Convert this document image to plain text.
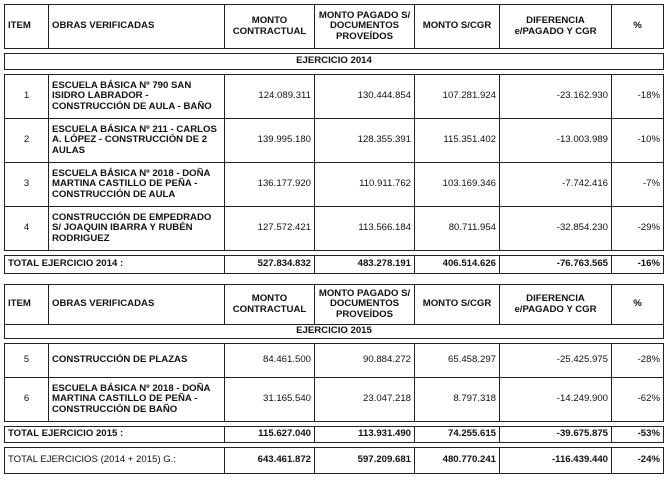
ITEM	OBRAS VERIFICADAS	MONTO CONTRACTUAL	MONTO PAGADO S/ DOCUMENTOS PROVEÍDOS	MONTO S/CGR	DIFERENCIA e/PAGADO Y CGR	%

EJERCICIO 2014						

1	ESCUELA BÁSICA Nº 790 SAN ISIDRO LABRADOR - CONSTRUCCIÓN DE AULA - BAÑO	124.089.311	130.444.854	107.281.924	-23.162.930	-18%
2	ESCUELA BÁSICA Nº 211 - CARLOS A. LÓPEZ - CONSTRUCCIÓN DE 2 AULAS	139.995.180	128.355.391	115.351.402	-13.003.989	-10%
3	ESCUELA BÁSICA Nº 2018 - DOÑA MARTINA CASTILLO DE PEÑA - CONSTRUCCIÓN DE AULA	136.177.920	110.911.762	103.169.346	-7.742.416	-7%
4	CONSTRUCCIÓN DE EMPEDRADO S/ JOAQUIN IBARRA Y RUBÉN RODRIGUEZ	127.572.421	113.566.184	80.711.954	-32.854.230	-29%

TOTAL EJERCICIO 2014 :		527.834.832	483.278.191	406.514.626	-76.763.565	-16%
ITEM	OBRAS VERIFICADAS	MONTO CONTRACTUAL	MONTO PAGADO S/ DOCUMENTOS PROVEÍDOS	MONTO S/CGR	DIFERENCIA e/PAGADO Y CGR	%
EJERCICIO 2015						

5	CONSTRUCCIÓN DE PLAZAS	84.461.500	90.884.272	65.458.297	-25.425.975	-28%
6	ESCUELA BÁSICA Nº 2018 - DOÑA MARTINA CASTILLO DE PEÑA - CONSTRUCCIÓN DE BAÑO	31.165.540	23.047.218	8.797.318	-14.249.900	-62%

TOTAL EJERCICIO 2015 :		115.627.040	113.931.490	74.255.615	-39.675.875	-53%

TOTAL EJERCICIOS (2014 + 2015) G.:		643.461.872	597.209.681	480.770.241	-116.439.440	-24%
